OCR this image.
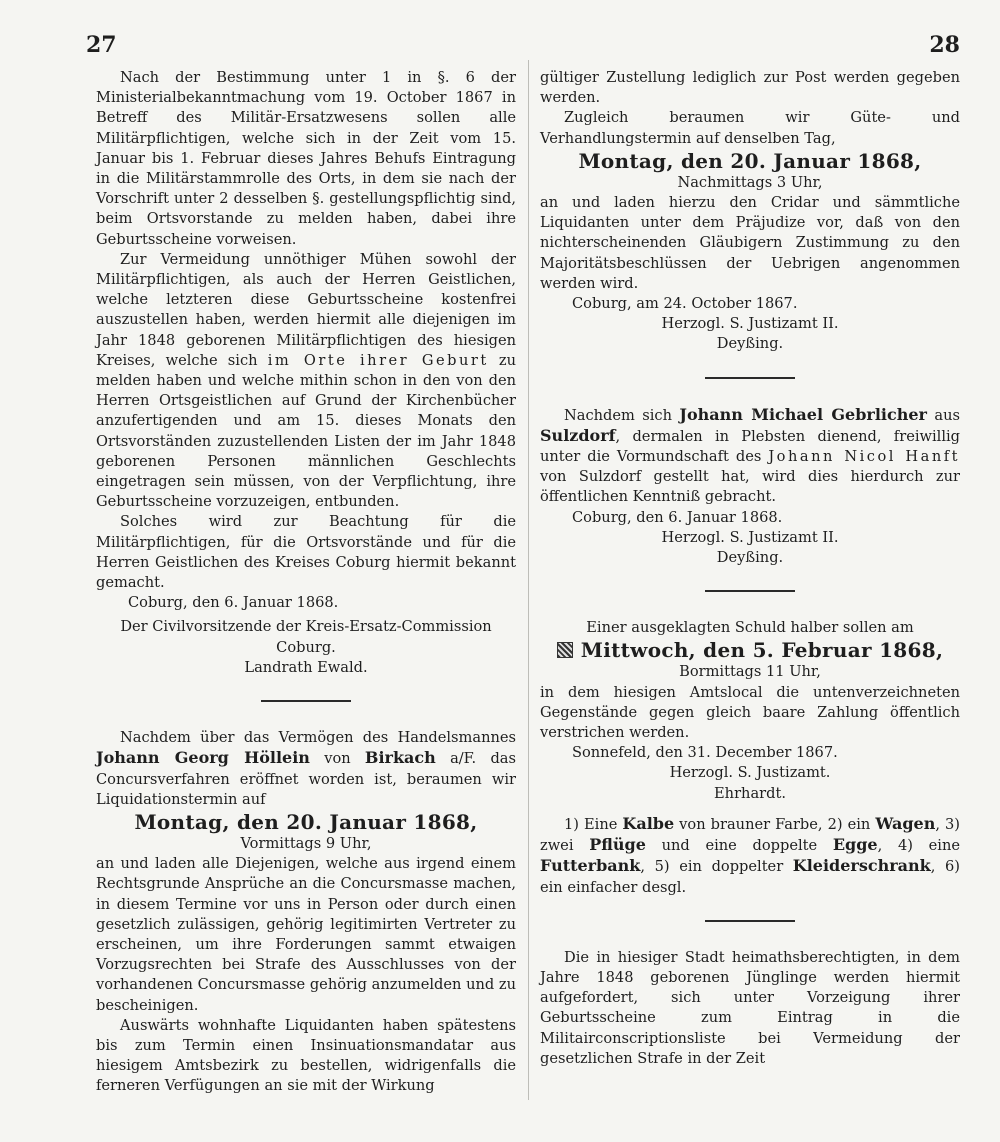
27	28

Nach der Bestimmung unter 1 in §. 6 der Ministerialbekanntmachung vom 19. October 1867 in Betreff des Militär-Ersatzwesens sollen alle Militärpflichtigen, welche sich in der Zeit vom 15. Januar bis 1. Februar dieses Jahres Behufs Eintragung in die Militärstammrolle des Orts, in dem sie nach der Vorschrift unter 2 desselben §. gestellungspflichtig sind, beim Ortsvorstande zu melden haben, dabei ihre Geburtsscheine vorweisen.

Zur Vermeidung unnöthiger Mühen sowohl der Militärpflichtigen, als auch der Herren Geistlichen, welche letzteren diese Geburtsscheine kostenfrei auszustellen haben, werden hiermit alle diejenigen im Jahr 1848 geborenen Militärpflichtigen des hiesigen Kreises, welche sich im Orte ihrer Geburt zu melden haben und welche mithin schon in den von den Herren Ortsgeistlichen auf Grund der Kirchenbücher anzufertigenden und am 15. dieses Monats den Ortsvorständen zuzustellenden Listen der im Jahr 1848 geborenen Personen männlichen Geschlechts eingetragen sein müssen, von der Verpflichtung, ihre Geburtsscheine vorzuzeigen, entbunden.

Solches wird zur Beachtung für die Militärpflichtigen, für die Ortsvorstände und für die Herren Geistlichen des Kreises Coburg hiermit bekannt gemacht.

Coburg, den 6. Januar 1868.

Der Civilvorsitzende der Kreis-Ersatz-Commission

Coburg.

Landrath Ewald.

Nachdem über das Vermögen des Handelsmannes Johann Georg Höllein von Birkach a/F. das Concursverfahren eröffnet worden ist, beraumen wir Liquidationstermin auf

Montag, den 20. Januar 1868,

Vormittags 9 Uhr,

an und laden alle Diejenigen, welche aus irgend einem Rechtsgrunde Ansprüche an die Concursmasse machen, in diesem Termine vor uns in Person oder durch einen gesetzlich zulässigen, gehörig legitimirten Vertreter zu erscheinen, um ihre Forderungen sammt etwaigen Vorzugsrechten bei Strafe des Ausschlusses von der vorhandenen Concursmasse gehörig anzumelden und zu bescheinigen.

Auswärts wohnhafte Liquidanten haben spätestens bis zum Termin einen Insinuationsmandatar aus hiesigem Amtsbezirk zu bestellen, widrigenfalls die ferneren Verfügungen an sie mit der Wirkung

gültiger Zustellung lediglich zur Post werden gegeben werden.

Zugleich beraumen wir Güte- und Verhandlungstermin auf denselben Tag,

Montag, den 20. Januar 1868,

Nachmittags 3 Uhr,

an und laden hierzu den Cridar und sämmtliche Liquidanten unter dem Präjudize vor, daß von den nichterscheinenden Gläubigern Zustimmung zu den Majoritätsbeschlüssen der Uebrigen angenommen werden wird.

Coburg, am 24. October 1867.

Herzogl. S. Justizamt II.

Deyßing.

Nachdem sich Johann Michael Gebrlicher aus Sulzdorf, dermalen in Plebsten dienend, freiwillig unter die Vormundschaft des Johann Nicol Hanft von Sulzdorf gestellt hat, wird dies hierdurch zur öffentlichen Kenntniß gebracht.

Coburg, den 6. Januar 1868.

Herzogl. S. Justizamt II.

Deyßing.

Einer ausgeklagten Schuld halber sollen am

Mittwoch, den 5. Februar 1868,

Bormittags 11 Uhr,

in dem hiesigen Amtslocal die untenverzeichneten Gegenstände gegen gleich baare Zahlung öffentlich verstrichen werden.

Sonnefeld, den 31. December 1867.

Herzogl. S. Justizamt.

Ehrhardt.

1) Eine Kalbe von brauner Farbe, 2) ein Wagen, 3) zwei Pflüge und eine doppelte Egge, 4) eine Futterbank, 5) ein doppelter Kleiderschrank, 6) ein einfacher desgl.

Die in hiesiger Stadt heimathsberechtigten, in dem Jahre 1848 geborenen Jünglinge werden hiermit aufgefordert, sich unter Vorzeigung ihrer Geburtsscheine zum Eintrag in die Militairconscriptionsliste bei Vermeidung der gesetzlichen Strafe in der Zeit
